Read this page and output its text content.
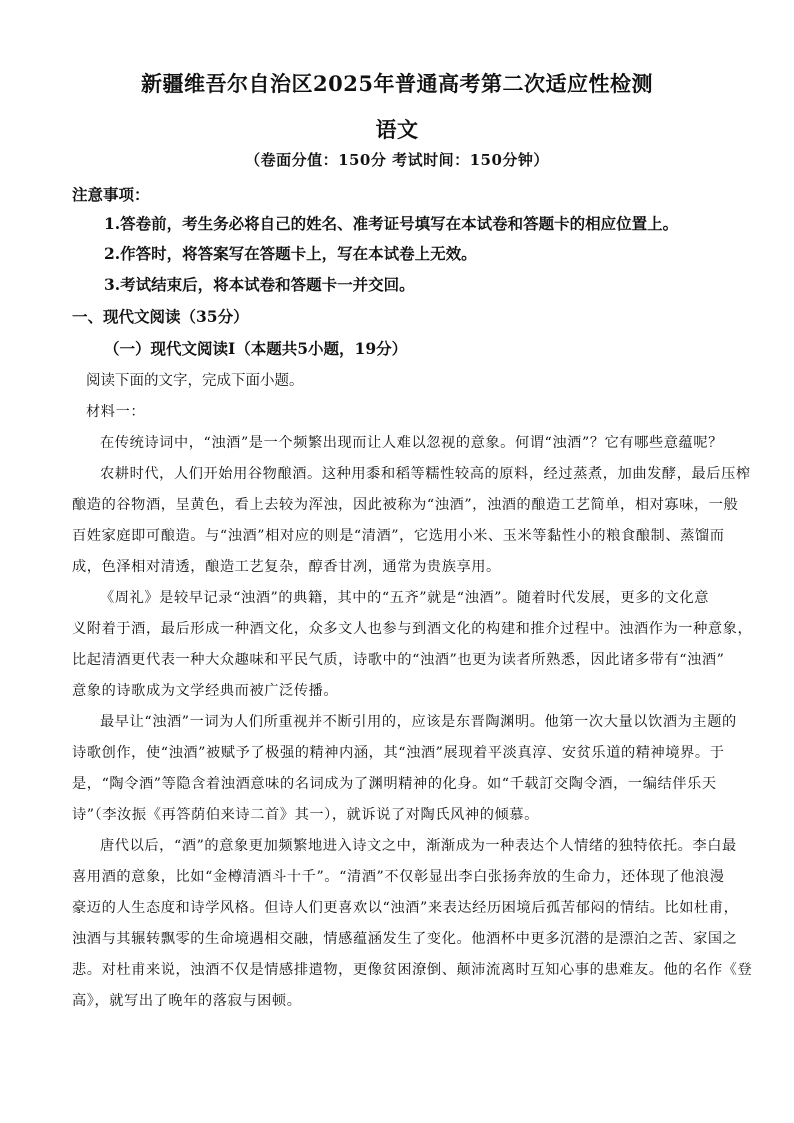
新疆维吾尔自治区2025年普通高考第二次适应性检测
语文
（卷面分值：150分 考试时间：150分钟）
注意事项：
1.答卷前，考生务必将自己的姓名、准考证号填写在本试卷和答题卡的相应位置上。
2.作答时，将答案写在答题卡上，写在本试卷上无效。
3.考试结束后，将本试卷和答题卡一并交回。
一、现代文阅读（35分）
（一）现代文阅读Ⅰ（本题共5小题，19分）
阅读下面的文字，完成下面小题。
材料一：
在传统诗词中，“浊酒”是一个频繁出现而让人难以忽视的意象。何谓“浊酒”？它有哪些意蕴呢？
农耕时代，人们开始用谷物酿酒。这种用黍和稻等糯性较高的原料，经过蒸煮，加曲发酵，最后压榨
酿造的谷物酒，呈黄色，看上去较为浑浊，因此被称为“浊酒”，浊酒的酿造工艺简单，相对寡味，一般
百姓家庭即可酿造。与“浊酒”相对应的则是“清酒”，它选用小米、玉米等黏性小的粮食酿制、蒸馏而
成，色泽相对清透，酿造工艺复杂，醇香甘冽，通常为贵族享用。
《周礼》是较早记录“浊酒”的典籍，其中的“五齐”就是“浊酒”。随着时代发展，更多的文化意
义附着于酒，最后形成一种酒文化，众多文人也参与到酒文化的构建和推介过程中。浊酒作为一种意象，
比起清酒更代表一种大众趣味和平民气质，诗歌中的“浊酒”也更为读者所熟悉，因此诸多带有“浊酒”
意象的诗歌成为文学经典而被广泛传播。
最早让“浊酒”一词为人们所重视并不断引用的，应该是东晋陶渊明。他第一次大量以饮酒为主题的
诗歌创作，使“浊酒”被赋予了极强的精神内涵，其“浊酒”展现着平淡真淳、安贫乐道的精神境界。于
是，“陶令酒”等隐含着浊酒意味的名词成为了渊明精神的化身。如“千载訂交陶令酒，一编结伴乐天
诗”（李汝振《再答荫伯来诗二首》其一），就诉说了对陶氏风神的倾慕。
唐代以后，“酒”的意象更加频繁地进入诗文之中，渐渐成为一种表达个人情绪的独特依托。李白最
喜用酒的意象，比如“金樽清酒斗十千”。“清酒”不仅彰显出李白张扬奔放的生命力，还体现了他浪漫
豪迈的人生态度和诗学风格。但诗人们更喜欢以“浊酒”来表达经历困境后孤苦郁闷的情结。比如杜甫，
浊酒与其辗转飘零的生命境遇相交融，情感蕴涵发生了变化。他酒杯中更多沉潜的是漂泊之苦、家国之
悲。对杜甫来说，浊酒不仅是情感排遣物，更像贫困潦倒、颠沛流离时互知心事的患难友。他的名作《登
高》，就写出了晚年的落寂与困顿。
